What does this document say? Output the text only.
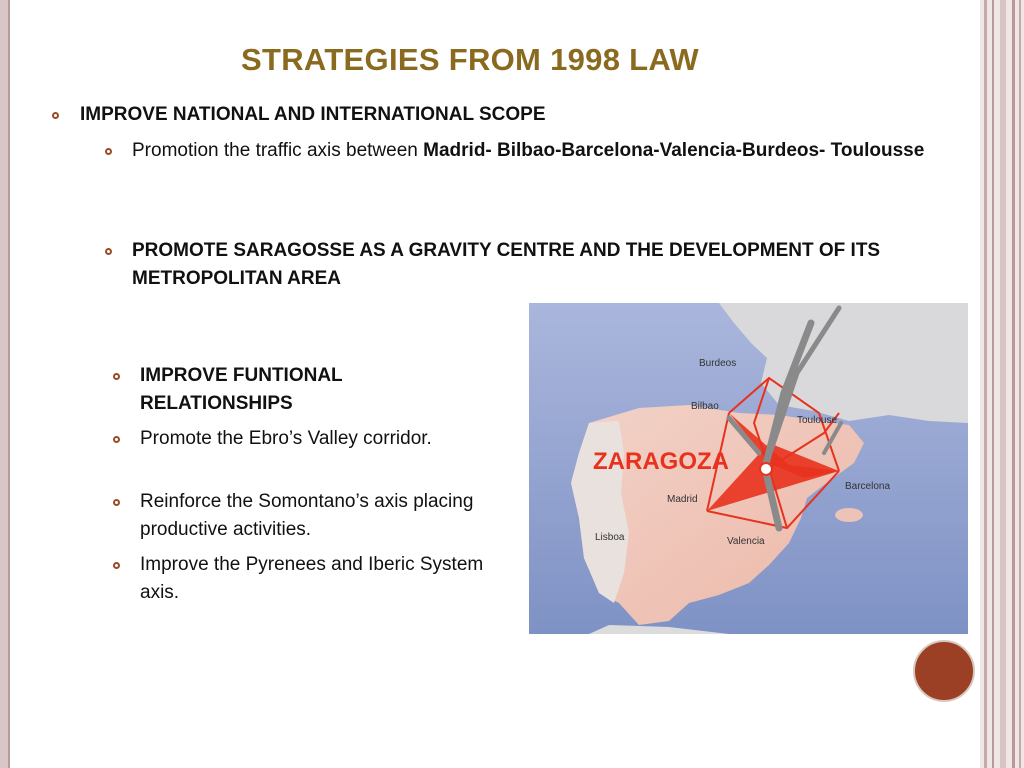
STRATEGIES FROM 1998 LAW
IMPROVE NATIONAL AND INTERNATIONAL SCOPE
Promotion the traffic axis between Madrid- Bilbao-Barcelona-Valencia-Burdeos- Toulousse
PROMOTE SARAGOSSE AS A GRAVITY CENTRE AND THE DEVELOPMENT OF ITS METROPOLITAN AREA
IMPROVE FUNTIONAL RELATIONSHIPS
Promote the Ebro’s Valley corridor.
Reinforce the Somontano’s axis placing productive activities.
Improve the Pyrenees and Iberic System axis.
ZARAGOZA
Burdeos
Bilbao
Toulouse
Barcelona
Madrid
Lisboa	Valencia
